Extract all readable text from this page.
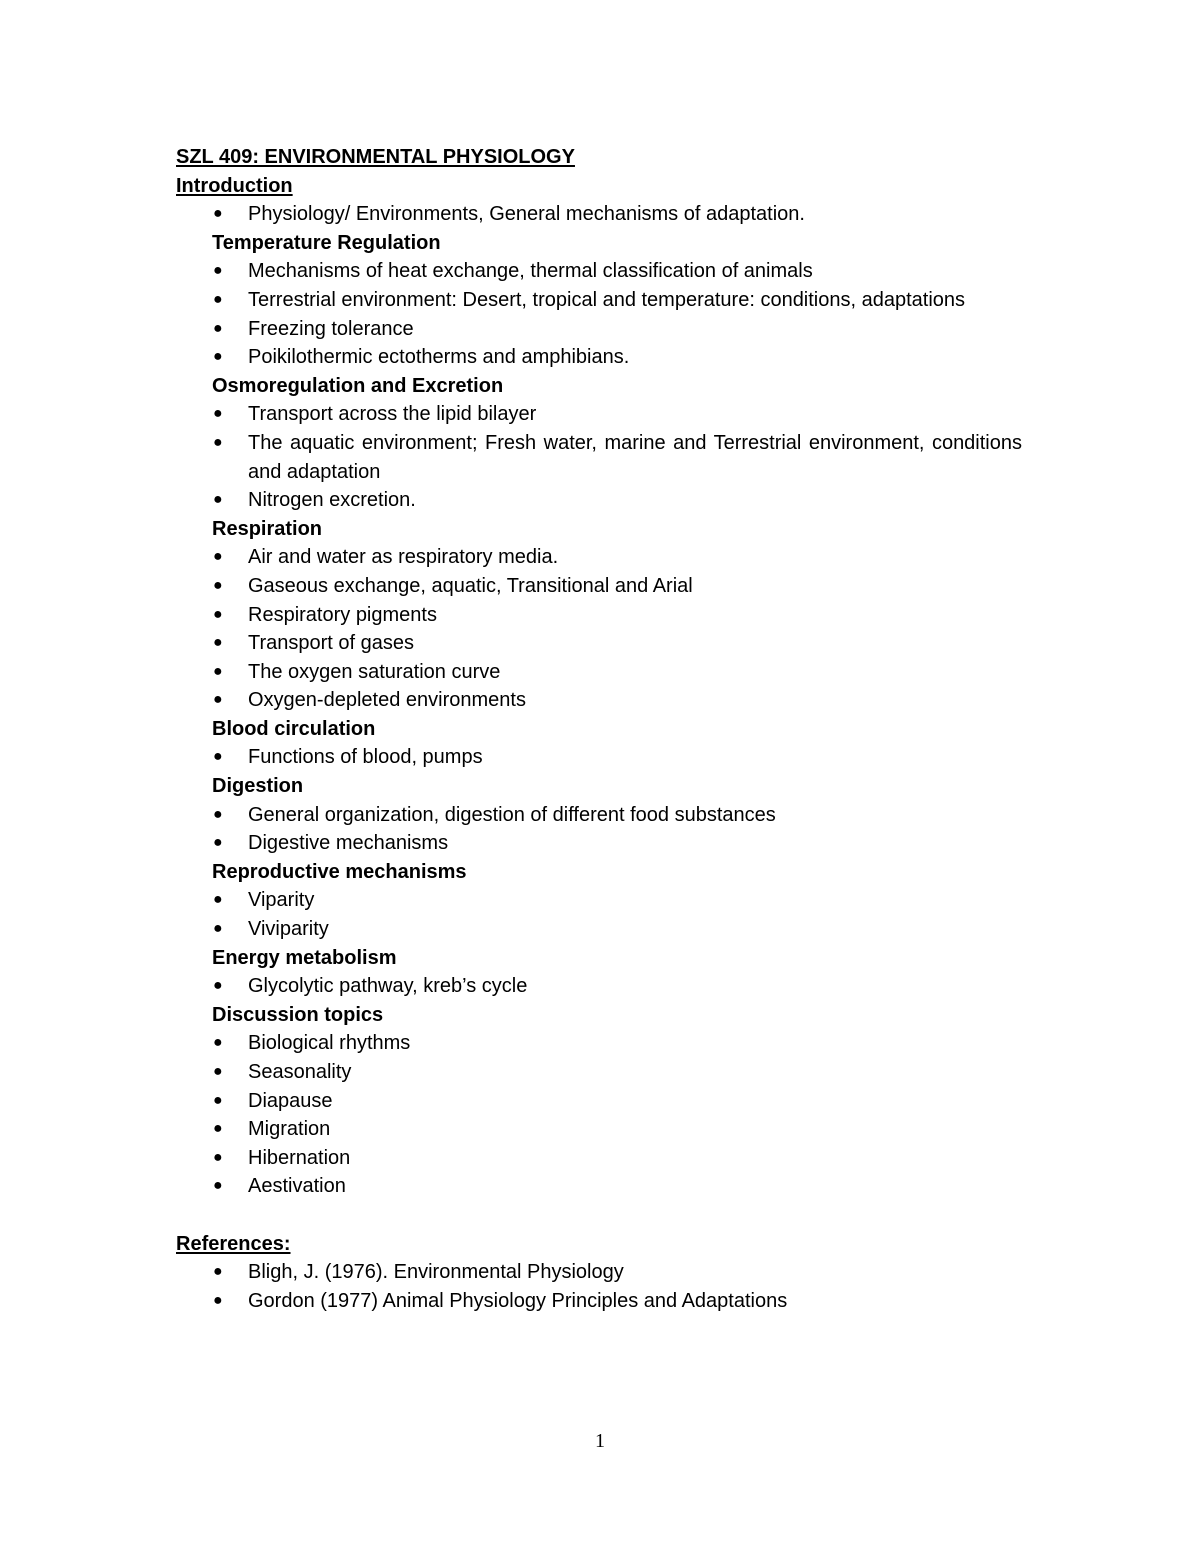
SZL 409: ENVIRONMENTAL PHYSIOLOGY
Introduction
● Physiology/ Environments, General mechanisms of adaptation.
Temperature Regulation
● Mechanisms of heat exchange, thermal classification of animals
● Terrestrial environment: Desert, tropical and temperature: conditions, adaptations
● Freezing tolerance
● Poikilothermic ectotherms and amphibians.
Osmoregulation and Excretion
● Transport across the lipid bilayer
● The aquatic environment; Fresh water, marine and Terrestrial environment, conditions and adaptation
● Nitrogen excretion.
Respiration
● Air and water as respiratory media.
● Gaseous exchange, aquatic, Transitional and Arial
● Respiratory pigments
● Transport of gases
● The oxygen saturation curve
● Oxygen-depleted environments
Blood circulation
● Functions of blood, pumps
Digestion
● General organization, digestion of different food substances
● Digestive mechanisms
Reproductive mechanisms
● Viparity
● Viviparity
Energy metabolism
● Glycolytic pathway, kreb’s cycle
Discussion topics
● Biological rhythms
● Seasonality
● Diapause
● Migration
● Hibernation
● Aestivation
References:
● Bligh, J. (1976). Environmental Physiology
● Gordon (1977) Animal Physiology Principles and Adaptations
1
